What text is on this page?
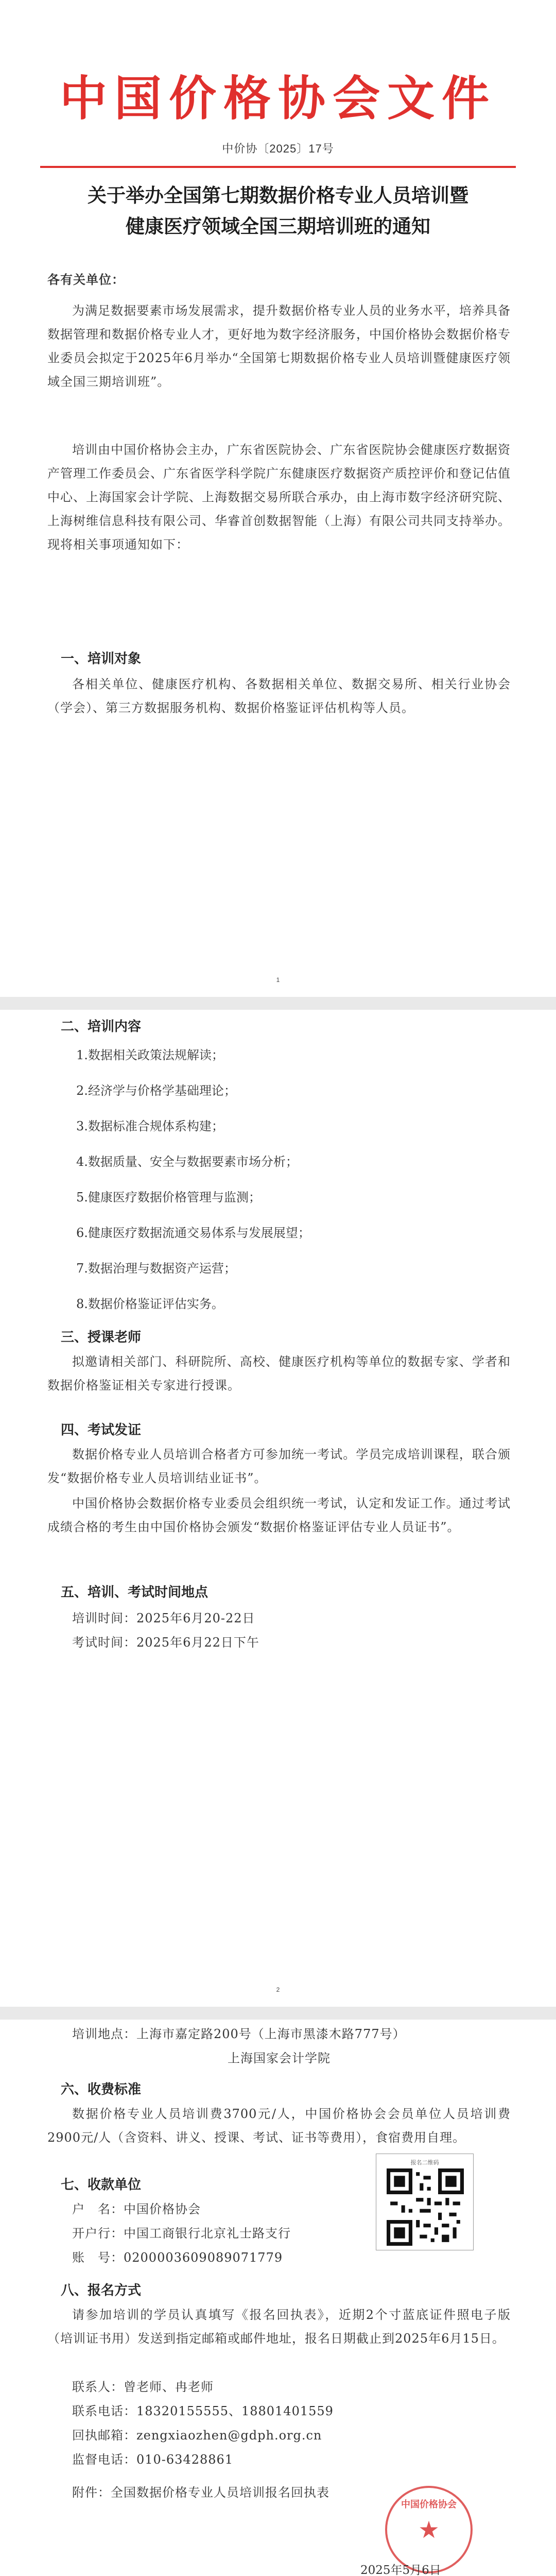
中国价格协会文件
中价协〔2025〕17号
关于举办全国第七期数据价格专业人员培训暨
健康医疗领域全国三期培训班的通知
各有关单位：
为满足数据要素市场发展需求，提升数据价格专业人员的业务水平，培养具备数据管理和数据价格专业人才，更好地为数字经济服务，中国价格协会数据价格专业委员会拟定于2025年6月举办“全国第七期数据价格专业人员培训暨健康医疗领域全国三期培训班”。
培训由中国价格协会主办，广东省医院协会、广东省医院协会健康医疗数据资产管理工作委员会、广东省医学科学院广东健康医疗数据资产质控评价和登记估值中心、上海国家会计学院、上海数据交易所联合承办，由上海市数字经济研究院、上海树维信息科技有限公司、华睿首创数据智能（上海）有限公司共同支持举办。现将相关事项通知如下：
一、培训对象
各相关单位、健康医疗机构、各数据相关单位、数据交易所、相关行业协会（学会）、第三方数据服务机构、数据价格鉴证评估机构等人员。
1
二、培训内容
1.数据相关政策法规解读；
2.经济学与价格学基础理论；
3.数据标准合规体系构建；
4.数据质量、安全与数据要素市场分析；
5.健康医疗数据价格管理与监测；
6.健康医疗数据流通交易体系与发展展望；
7.数据治理与数据资产运营；
8.数据价格鉴证评估实务。
三、授课老师
拟邀请相关部门、科研院所、高校、健康医疗机构等单位的数据专家、学者和数据价格鉴证相关专家进行授课。
四、考试发证
数据价格专业人员培训合格者方可参加统一考试。学员完成培训课程，联合颁发“数据价格专业人员培训结业证书”。
中国价格协会数据价格专业委员会组织统一考试，认定和发证工作。通过考试成绩合格的考生由中国价格协会颁发“数据价格鉴证评估专业人员证书”。
五、培训、考试时间地点
培训时间：2025年6月20-22日
考试时间：2025年6月22日下午
2
培训地点：上海市嘉定路200号（上海市黑漆木路777号）
上海国家会计学院
六、收费标准
数据价格专业人员培训费3700元/人，中国价格协会会员单位人员培训费2900元/人（含资料、讲义、授课、考试、证书等费用），食宿费用自理。
七、收款单位
户　名：中国价格协会
开户行：中国工商银行北京礼士路支行
账　号：0200003609089071779
报名二维码
八、报名方式
请参加培训的学员认真填写《报名回执表》，近期2个寸蓝底证件照电子版（培训证书用）发送到指定邮箱或邮件地址，报名日期截止到2025年6月15日。
联系人：曾老师、冉老师
联系电话：18320155555、18801401559
回执邮箱：zengxiaozhen@gdph.org.cn
监督电话：010-63428861
附件：全国数据价格专业人员培训报名回执表
中国价格协会
★
2025年5月6日
